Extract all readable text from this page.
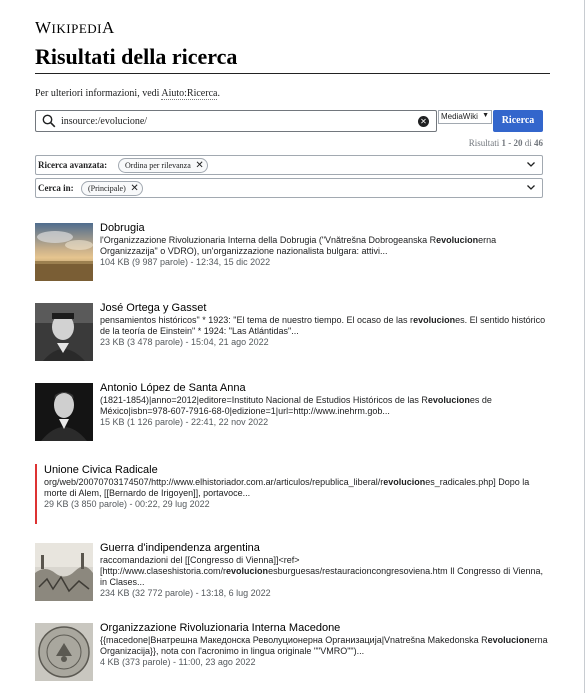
WIKIPEDIA
Risultati della ricerca
Per ulteriori informazioni, vedi Aiuto:Ricerca.
insource:/evolucione/
✕
MediaWiki ▼	Ricerca
Risultati 1 - 20 di 46
Ricerca avanzata:	Ordina per rilevanza ✕
Cerca in:	(Principale) ✕
Dobrugia
l'Organizzazione Rivoluzionaria Interna della Dobrugia ("Vnătrešna Dobrogeanska Revolucionerna Organizzazija" o VDRO), un'organizzazione nazionalista bulgara: attivi...
104 KB (9 987 parole) - 12:34, 15 dic 2022
José Ortega y Gasset
pensamientos históricos" * 1923: "El tema de nuestro tiempo. El ocaso de las revoluciones. El sentido histórico de la teoría de Einstein" * 1924: "Las Atlántidas"...
23 KB (3 478 parole) - 15:04, 21 ago 2022
Antonio López de Santa Anna
(1821-1854)|anno=2012|editore=Instituto Nacional de Estudios Históricos de las Revoluciones de México|isbn=978-607-7916-68-0|edizione=1|url=http://www.inehrm.gob...
15 KB (1 126 parole) - 22:41, 22 nov 2022
Unione Civica Radicale
org/web/20070703174507/http://www.elhistoriador.com.ar/articulos/republica_liberal/revoluciones_radicales.php] Dopo la morte di Alem, [[Bernardo de Irigoyen]], portavoce...
29 KB (3 850 parole) - 00:22, 29 lug 2022
Guerra d'indipendenza argentina
raccomandazioni del [[Congresso di Vienna]]<ref>[http://www.claseshistoria.com/revolucionesburguesas/restauracioncongresoviena.htm Il Congresso di Vienna, in Clases...
234 KB (32 772 parole) - 13:18, 6 lug 2022
Organizzazione Rivoluzionaria Interna Macedone
{{macedone|Внатрешна Македонска Револуционерна Организација|Vnatrešna Makedonska Revolucionerna Organizacija}}, nota con l'acronimo in lingua originale ""VMRO"")...
4 KB (373 parole) - 11:00, 23 ago 2022
